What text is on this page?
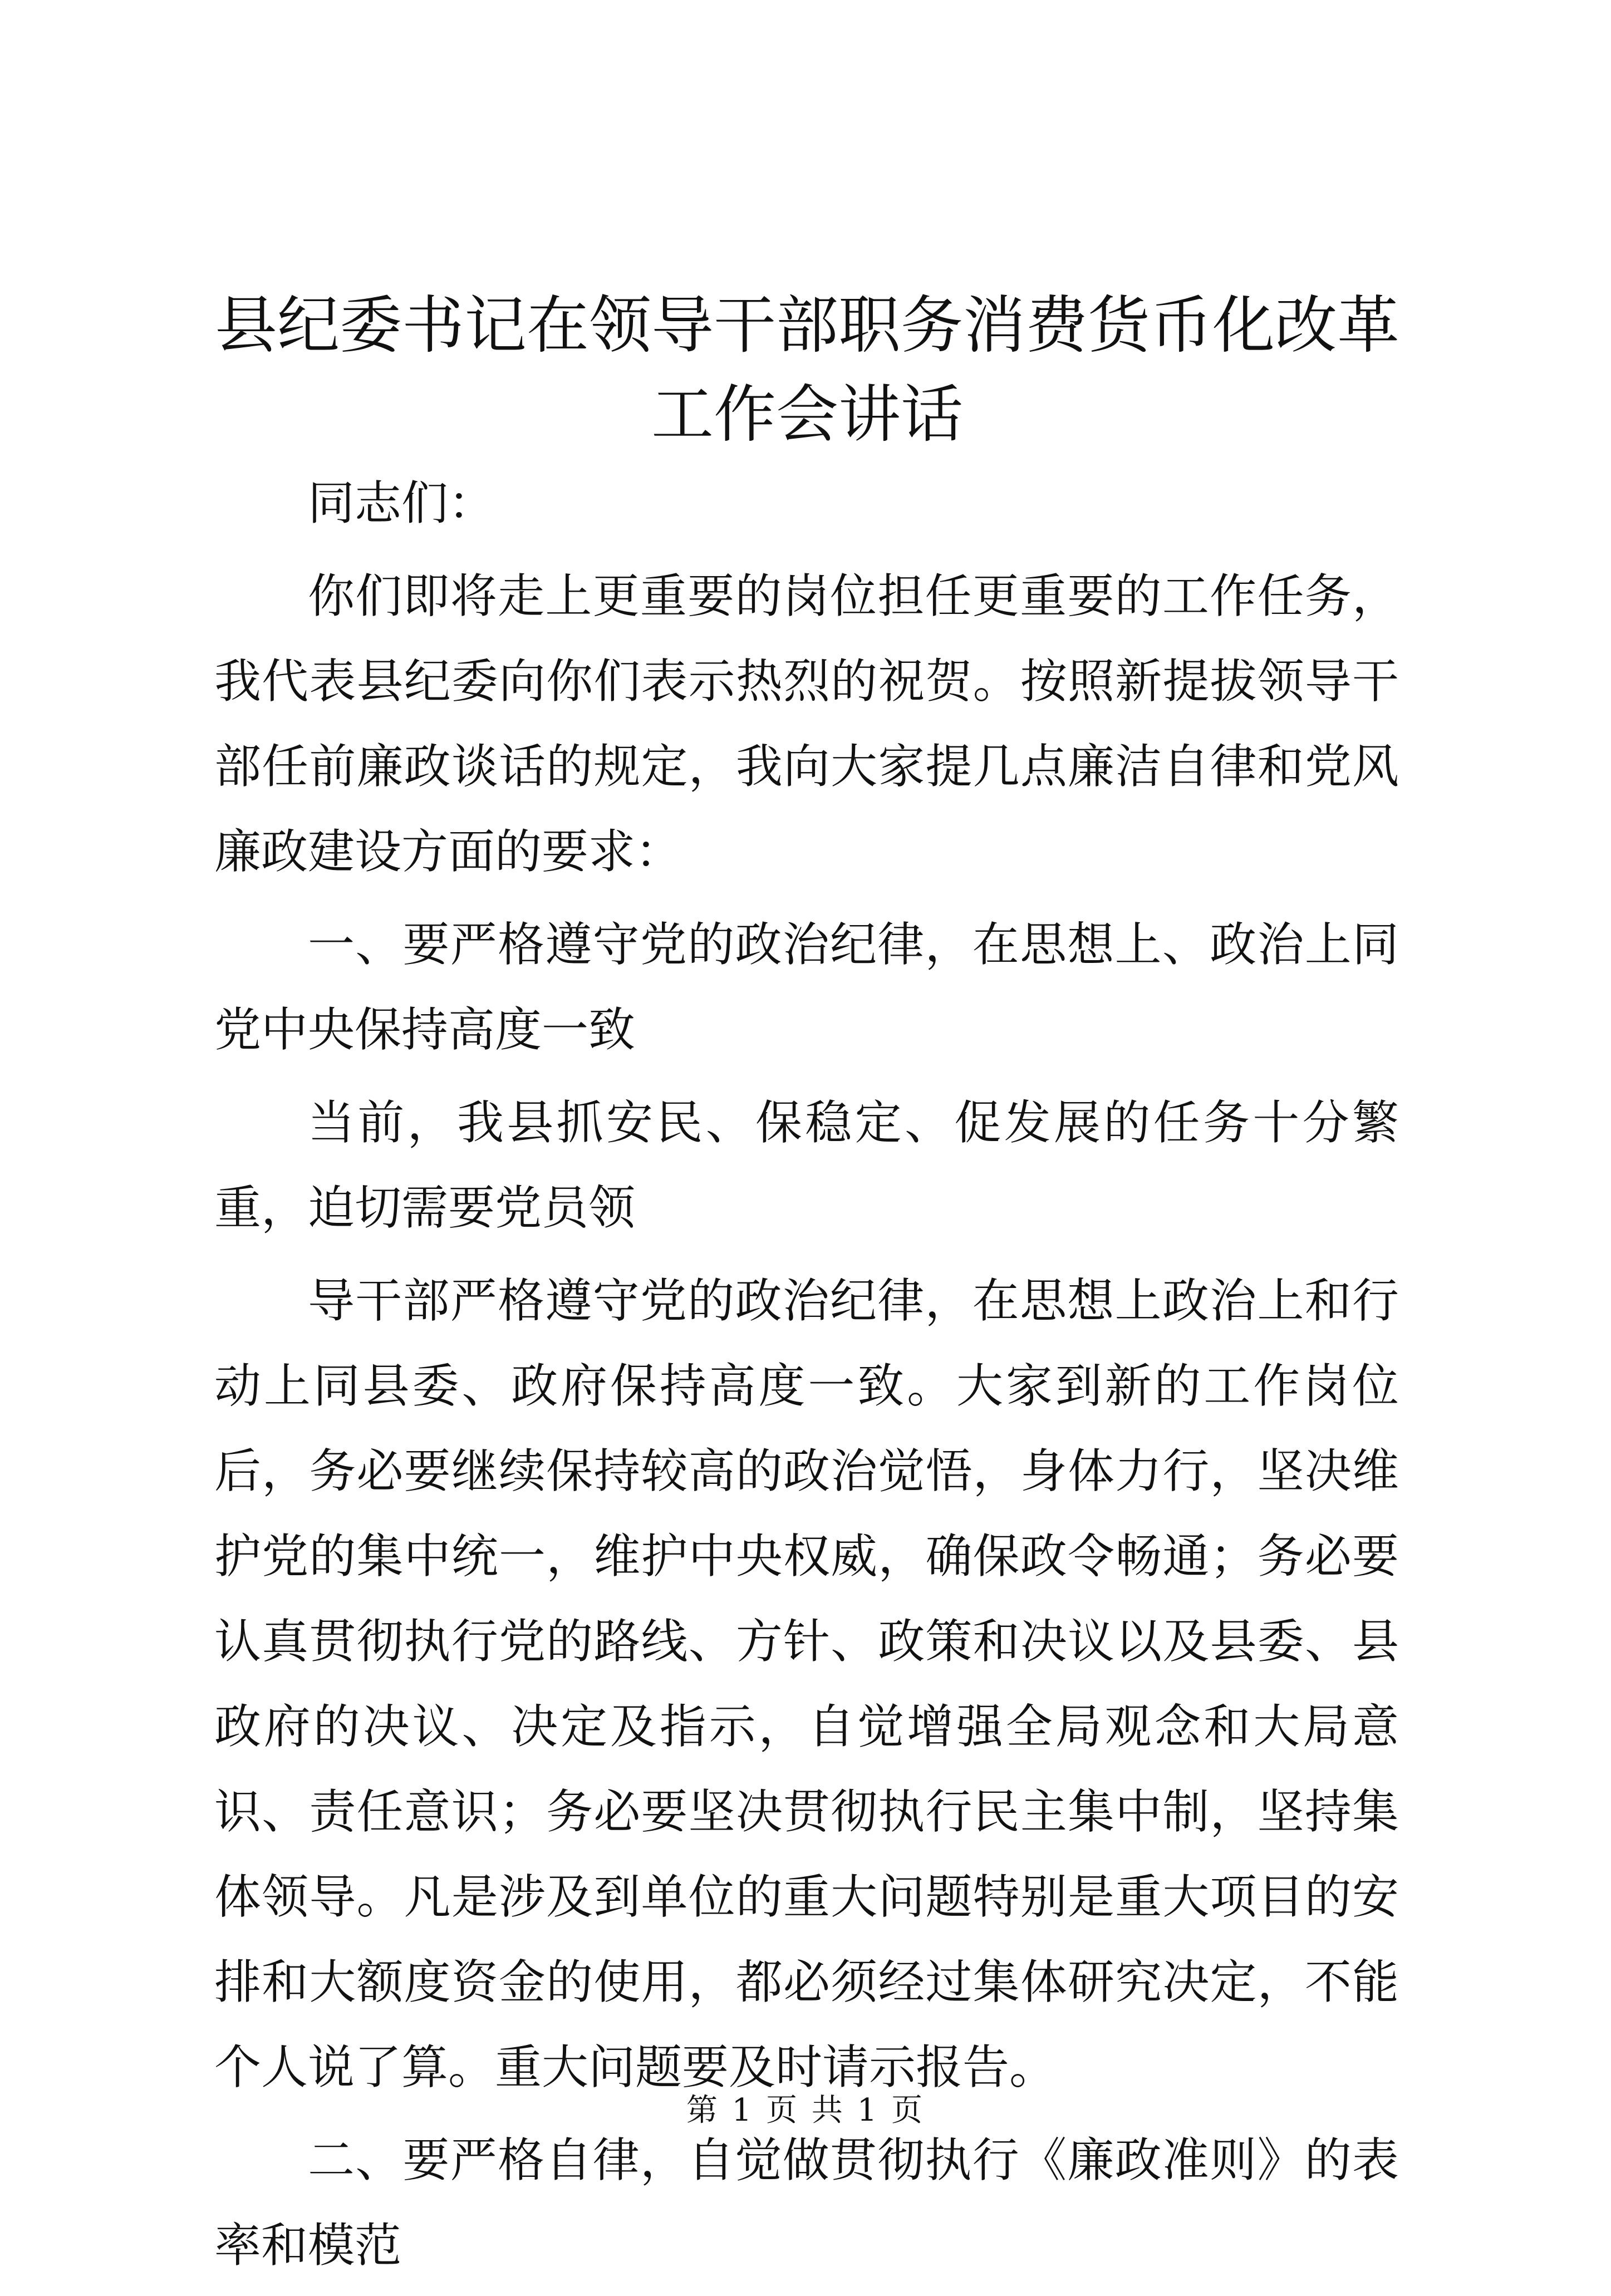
县纪委书记在领导干部职务消费货币化改革工作会讲话

同志们：

你们即将走上更重要的岗位担任更重要的工作任务，我代表县纪委向你们表示热烈的祝贺。按照新提拔领导干部任前廉政谈话的规定，我向大家提几点廉洁自律和党风廉政建设方面的要求：

一、要严格遵守党的政治纪律，在思想上、政治上同党中央保持高度一致

当前，我县抓安民、保稳定、促发展的任务十分繁重，迫切需要党员领

导干部严格遵守党的政治纪律，在思想上政治上和行动上同县委、政府保持高度一致。大家到新的工作岗位后，务必要继续保持较高的政治觉悟，身体力行，坚决维护党的集中统一，维护中央权威，确保政令畅通；务必要认真贯彻执行党的路线、方针、政策和决议以及县委、县政府的决议、决定及指示，自觉增强全局观念和大局意识、责任意识；务必要坚决贯彻执行民主集中制，坚持集体领导。凡是涉及到单位的重大问题特别是重大项目的安排和大额度资金的使用，都必须经过集体研究决定，不能个人说了算。重大问题要及时请示报告。

二、要严格自律，自觉做贯彻执行《廉政准则》的表率和模范

第 1 页 共 1 页
